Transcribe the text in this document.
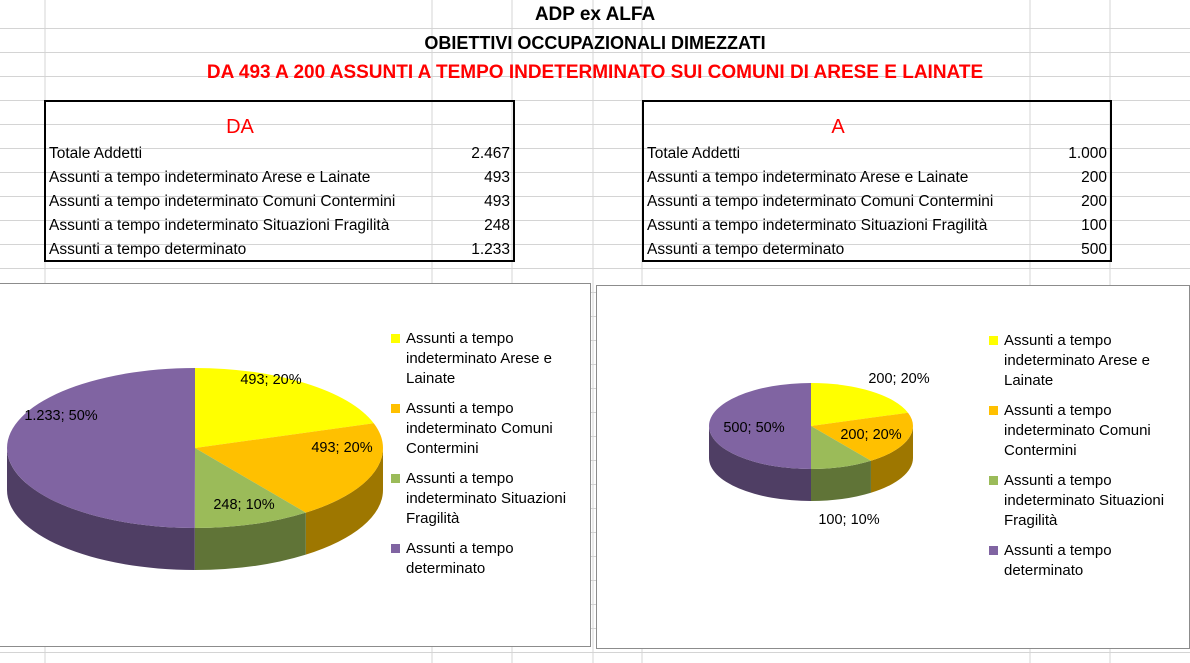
ADP ex ALFA
OBIETTIVI OCCUPAZIONALI DIMEZZATI
DA 493 A 200 ASSUNTI A TEMPO INDETERMINATO SUI COMUNI DI ARESE E LAINATE
DA
Totale Addetti	2.467
Assunti a tempo indeterminato Arese e Lainate	493
Assunti a tempo indeterminato Comuni Contermini	493
Assunti a tempo indeterminato Situazioni Fragilità	248
Assunti a tempo determinato	1.233
A
Totale Addetti	1.000
Assunti a tempo indeterminato Arese e Lainate	200
Assunti a tempo indeterminato Comuni Contermini	200
Assunti a tempo indeterminato Situazioni Fragilità	100
Assunti a tempo determinato	500
493; 20%
493; 20%
248; 10%
1.233; 50%
Assunti a tempo
indeterminato Arese e
Lainate
Assunti a tempo
indeterminato Comuni
Contermini
Assunti a tempo
indeterminato Situazioni
Fragilità
Assunti a tempo
determinato
200; 20%
200; 20%
100; 10%
500; 50%
Assunti a tempo
indeterminato Arese e
Lainate
Assunti a tempo
indeterminato Comuni
Contermini
Assunti a tempo
indeterminato Situazioni
Fragilità
Assunti a tempo
determinato
